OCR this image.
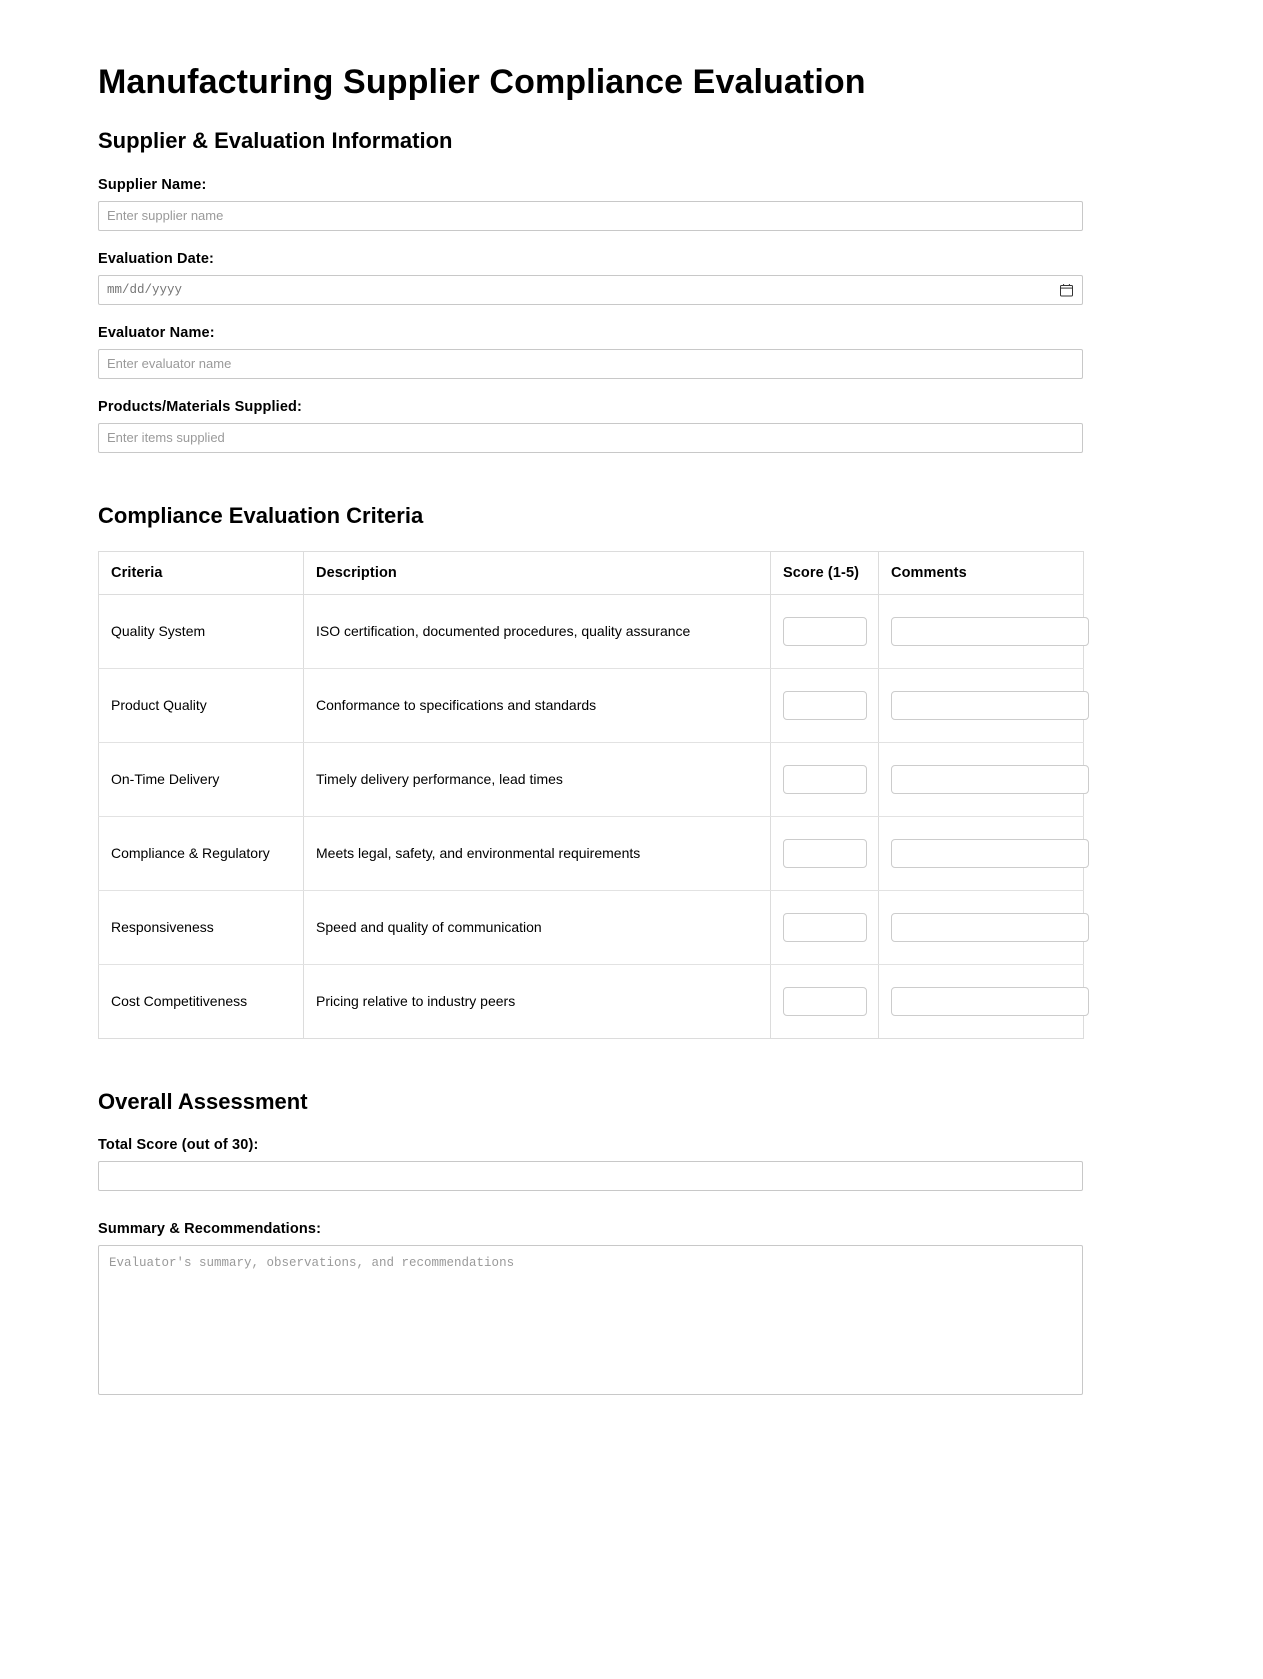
Manufacturing Supplier Compliance Evaluation
Supplier & Evaluation Information
Supplier Name:
Enter supplier name
Evaluation Date:
mm/dd/yyyy
Evaluator Name:
Enter evaluator name
Products/Materials Supplied:
Enter items supplied
Compliance Evaluation Criteria
Criteria	Description	Score (1-5)	Comments
Quality System	ISO certification, documented procedures, quality assurance		
Product Quality	Conformance to specifications and standards		
On-Time Delivery	Timely delivery performance, lead times		
Compliance & Regulatory	Meets legal, safety, and environmental requirements		
Responsiveness	Speed and quality of communication		
Cost Competitiveness	Pricing relative to industry peers		
Overall Assessment
Total Score (out of 30):
Summary & Recommendations:
Evaluator's summary, observations, and recommendations
